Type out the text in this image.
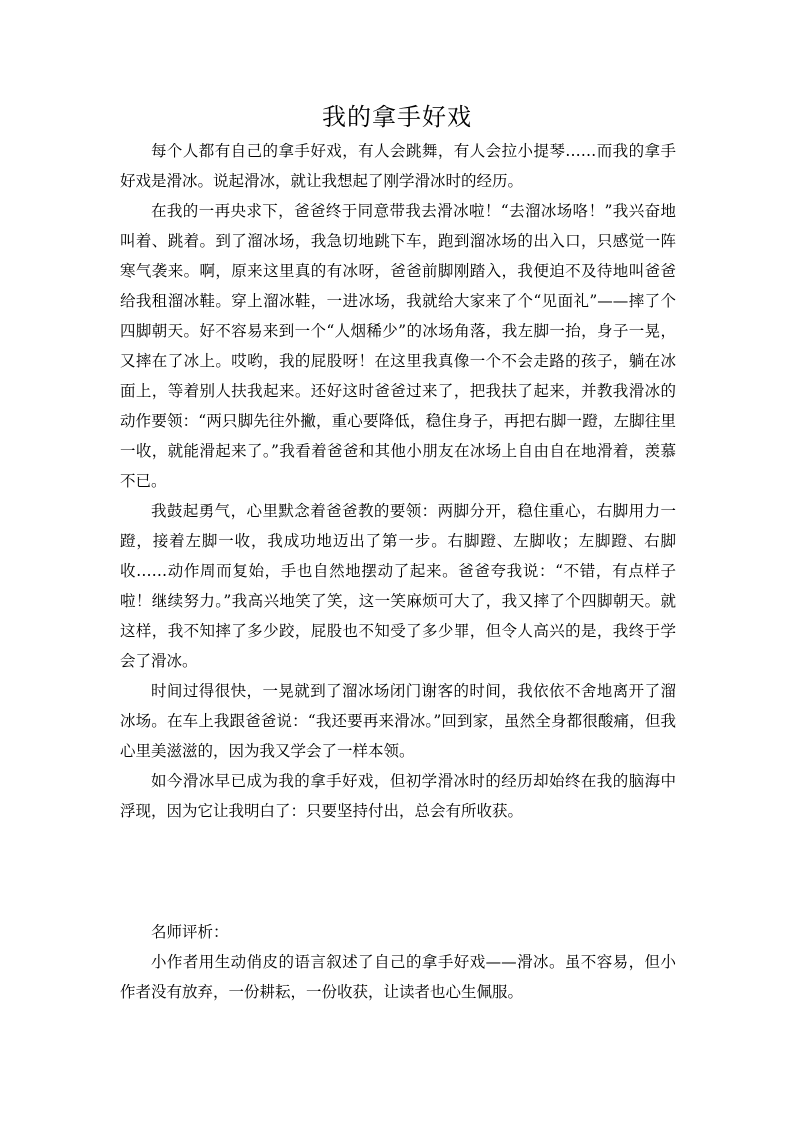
我的拿手好戏

每个人都有自己的拿手好戏，有人会跳舞，有人会拉小提琴……而我的拿手好戏是滑冰。说起滑冰，就让我想起了刚学滑冰时的经历。

在我的一再央求下，爸爸终于同意带我去滑冰啦！“去溜冰场咯！”我兴奋地叫着、跳着。到了溜冰场，我急切地跳下车，跑到溜冰场的出入口，只感觉一阵寒气袭来。啊，原来这里真的有冰呀，爸爸前脚刚踏入，我便迫不及待地叫爸爸给我租溜冰鞋。穿上溜冰鞋，一进冰场，我就给大家来了个“见面礼”——摔了个四脚朝天。好不容易来到一个“人烟稀少”的冰场角落，我左脚一抬，身子一晃，又摔在了冰上。哎哟，我的屁股呀！在这里我真像一个不会走路的孩子，躺在冰面上，等着别人扶我起来。还好这时爸爸过来了，把我扶了起来，并教我滑冰的动作要领：“两只脚先往外撇，重心要降低，稳住身子，再把右脚一蹬，左脚往里一收，就能滑起来了。”我看着爸爸和其他小朋友在冰场上自由自在地滑着，羡慕不已。

我鼓起勇气，心里默念着爸爸教的要领：两脚分开，稳住重心，右脚用力一蹬，接着左脚一收，我成功地迈出了第一步。右脚蹬、左脚收；左脚蹬、右脚收……动作周而复始，手也自然地摆动了起来。爸爸夸我说：“不错，有点样子啦！继续努力。”我高兴地笑了笑，这一笑麻烦可大了，我又摔了个四脚朝天。就这样，我不知摔了多少跤，屁股也不知受了多少罪，但令人高兴的是，我终于学会了滑冰。

时间过得很快，一晃就到了溜冰场闭门谢客的时间，我依依不舍地离开了溜冰场。在车上我跟爸爸说：“我还要再来滑冰。”回到家，虽然全身都很酸痛，但我心里美滋滋的，因为我又学会了一样本领。

如今滑冰早已成为我的拿手好戏，但初学滑冰时的经历却始终在我的脑海中浮现，因为它让我明白了：只要坚持付出，总会有所收获。

名师评析：

小作者用生动俏皮的语言叙述了自己的拿手好戏——滑冰。虽不容易，但小作者没有放弃，一份耕耘，一份收获，让读者也心生佩服。
